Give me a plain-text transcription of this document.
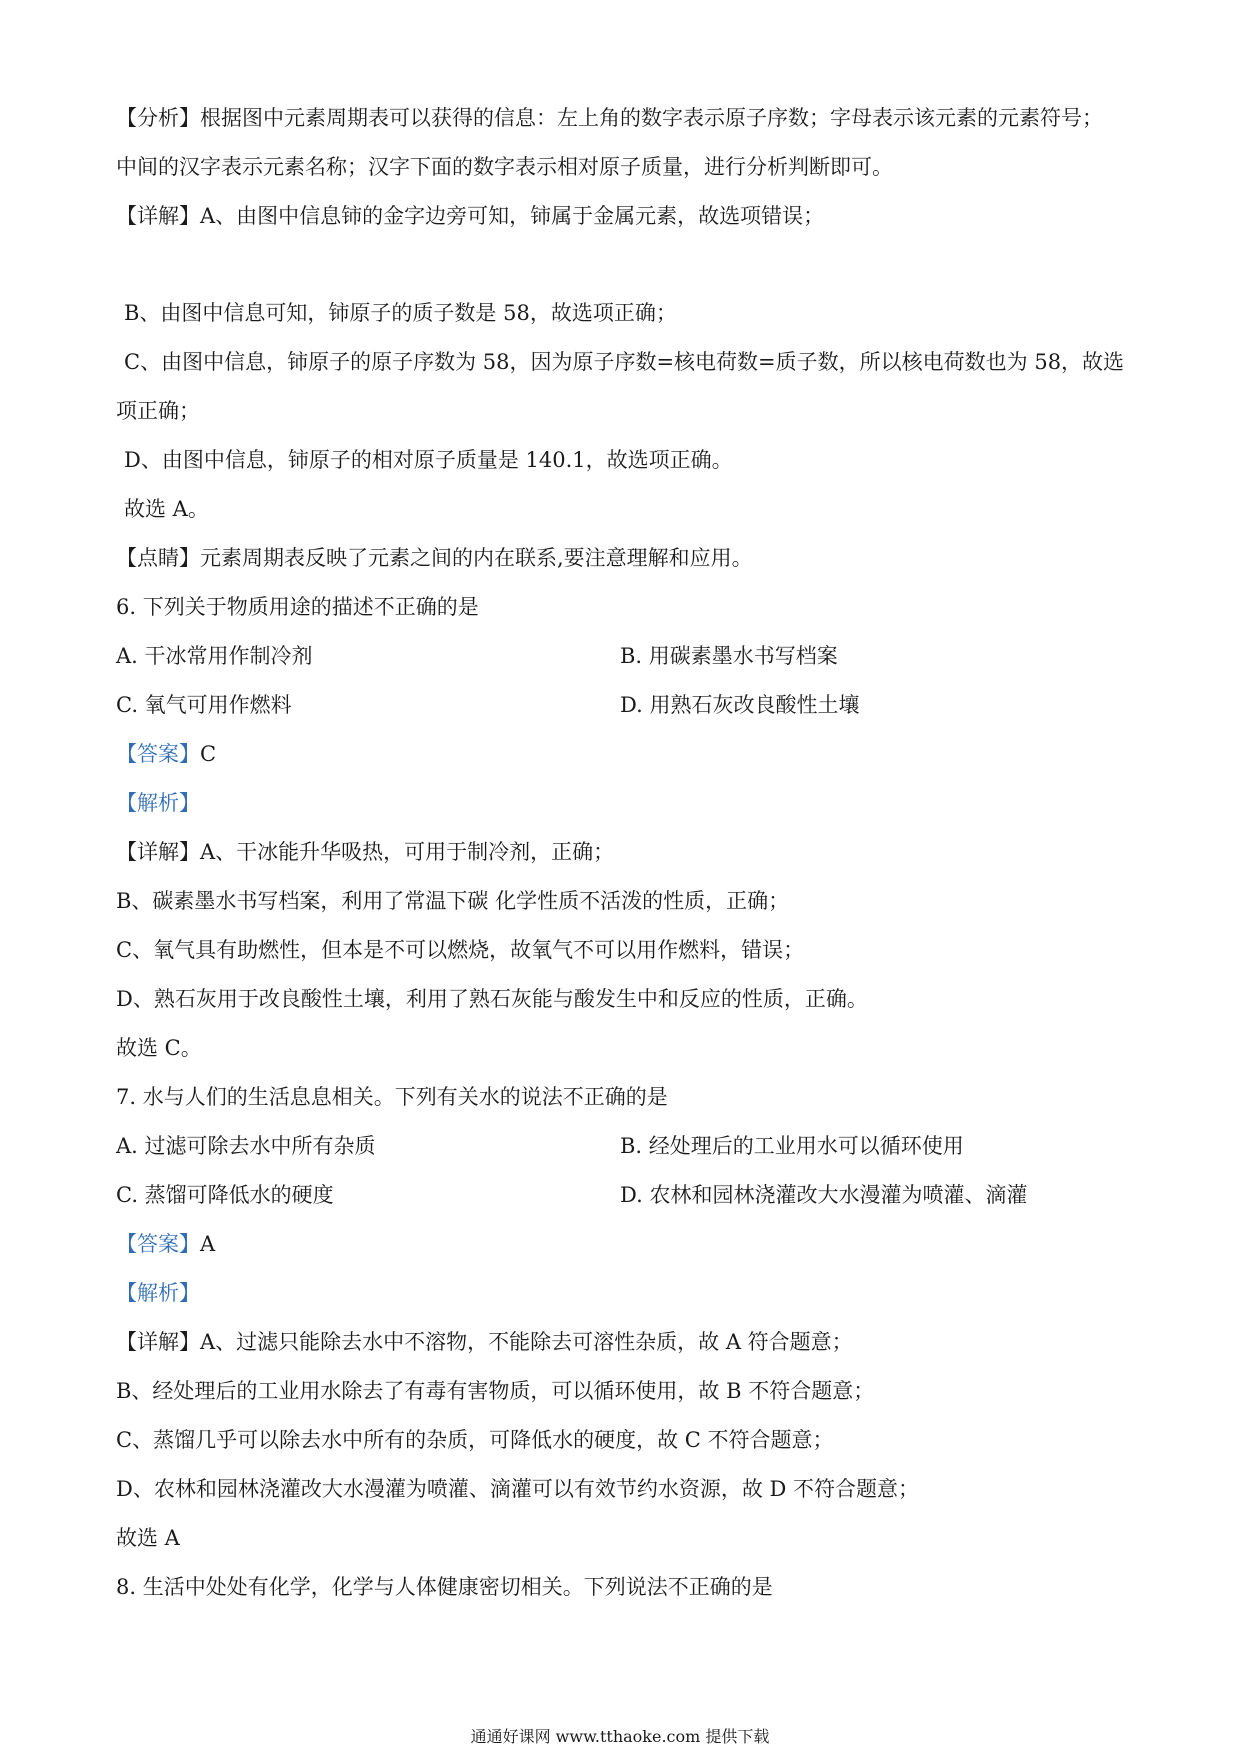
【分析】根据图中元素周期表可以获得的信息：左上角的数字表示原子序数；字母表示该元素的元素符号；
中间的汉字表示元素名称；汉字下面的数字表示相对原子质量，进行分析判断即可。
【详解】A、由图中信息铈的金字边旁可知，铈属于金属元素，故选项错误；
B、由图中信息可知，铈原子的质子数是 58，故选项正确；
C、由图中信息，铈原子的原子序数为 58，因为原子序数=核电荷数=质子数，所以核电荷数也为 58，故选
项正确；
D、由图中信息，铈原子的相对原子质量是 140.1，故选项正确。
故选 A。
【点睛】元素周期表反映了元素之间的内在联系,要注意理解和应用。
6. 下列关于物质用途的描述不正确的是
A. 干冰常用作制冷剂	B. 用碳素墨水书写档案
C. 氧气可用作燃料	D. 用熟石灰改良酸性土壤
【答案】C
【解析】
【详解】A、干冰能升华吸热，可用于制冷剂，正确；
B、碳素墨水书写档案，利用了常温下碳 化学性质不活泼的性质，正确；
C、氧气具有助燃性，但本是不可以燃烧，故氧气不可以用作燃料，错误；
D、熟石灰用于改良酸性土壤，利用了熟石灰能与酸发生中和反应的性质，正确。
故选 C。
7. 水与人们的生活息息相关。下列有关水的说法不正确的是
A. 过滤可除去水中所有杂质	B. 经处理后的工业用水可以循环使用
C. 蒸馏可降低水的硬度	D. 农林和园林浇灌改大水漫灌为喷灌、滴灌
【答案】A
【解析】
【详解】A、过滤只能除去水中不溶物，不能除去可溶性杂质，故 A 符合题意；
B、经处理后的工业用水除去了有毒有害物质，可以循环使用，故 B 不符合题意；
C、蒸馏几乎可以除去水中所有的杂质，可降低水的硬度，故 C 不符合题意；
D、农林和园林浇灌改大水漫灌为喷灌、滴灌可以有效节约水资源，故 D 不符合题意；
故选 A
8. 生活中处处有化学，化学与人体健康密切相关。下列说法不正确的是
通通好课网 www.tthaoke.com 提供下载
